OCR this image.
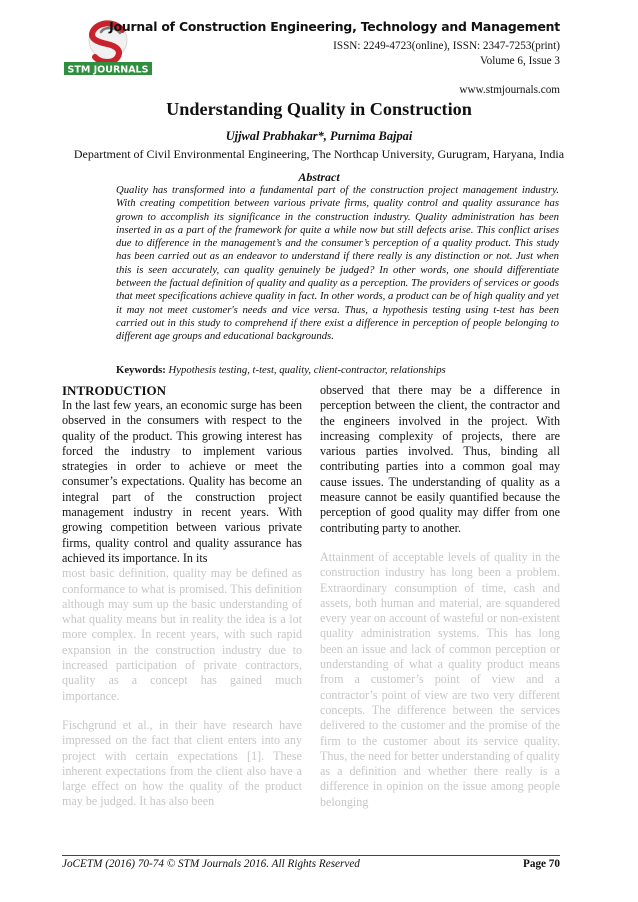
STM JOURNALS
Journal of Construction Engineering, Technology and Management
ISSN: 2249-4723(online), ISSN: 2347-7253(print)
Volume 6, Issue 3
www.stmjournals.com
Understanding Quality in Construction
Ujjwal Prabhakar*, Purnima Bajpai
Department of Civil Environmental Engineering, The Northcap University, Gurugram, Haryana, India
Abstract

Quality has transformed into a fundamental part of the construction project management industry. With creating competition between various private firms, quality control and quality assurance has grown to accomplish its significance in the construction industry. Quality administration has been inserted in as a part of the framework for quite a while now but still defects arise. This conflict arises due to difference in the management’s and the consumer’s perception of a quality product. This study has been carried out as an endeavor to understand if there really is any distinction or not. Just when this is seen accurately, can quality genuinely be judged? In other words, one should differentiate between the factual definition of quality and quality as a perception. The providers of services or goods that meet specifications achieve quality in fact. In other words, a product can be of high quality and yet it may not meet customer's needs and vice versa. Thus, a hypothesis testing using t-test has been carried out in this study to comprehend if there exist a difference in perception of people belonging to different age groups and educational backgrounds.

Keywords: Hypothesis testing, t-test, quality, client-contractor, relationships

INTRODUCTION

In the last few years, an economic surge has been observed in the consumers with respect to the quality of the product. This growing interest has forced the industry to implement various strategies in order to achieve or meet the consumer’s expectations. Quality has become an integral part of the construction project management industry in recent years. With growing competition between various private firms, quality control and quality assurance has achieved its importance. In its

most basic definition, quality may be defined as conformance to what is promised. This definition although may sum up the basic understanding of what quality means but in reality the idea is a lot more complex. In recent years, with such rapid expansion in the construction industry due to increased participation of private contractors, quality as a concept has gained much importance.

Fischgrund et al., in their have research have impressed on the fact that client enters into any project with certain expectations [1]. These inherent expectations from the client also have a large effect on how the quality of the product may be judged. It has also been

observed that there may be a difference in perception between the client, the contractor and the engineers involved in the project. With increasing complexity of projects, there are various parties involved. Thus, binding all contributing parties into a common goal may cause issues. The understanding of quality as a measure cannot be easily quantified because the perception of good quality may differ from one contributing party to another.

Attainment of acceptable levels of quality in the construction industry has long been a problem. Extraordinary consumption of time, cash and assets, both human and material, are squandered every year on account of wasteful or non-existent quality administration systems. This has long been an issue and lack of common perception or understanding of what a quality product means from a customer’s point of view and a contractor’s point of view are two very different concepts. The difference between the services delivered to the customer and the promise of the firm to the customer about its service quality. Thus, the need for better understanding of quality as a definition and whether there really is a difference in opinion on the issue among people belonging

JoCETM (2016) 70-74 © STM Journals 2016. All Rights Reserved	Page 70
